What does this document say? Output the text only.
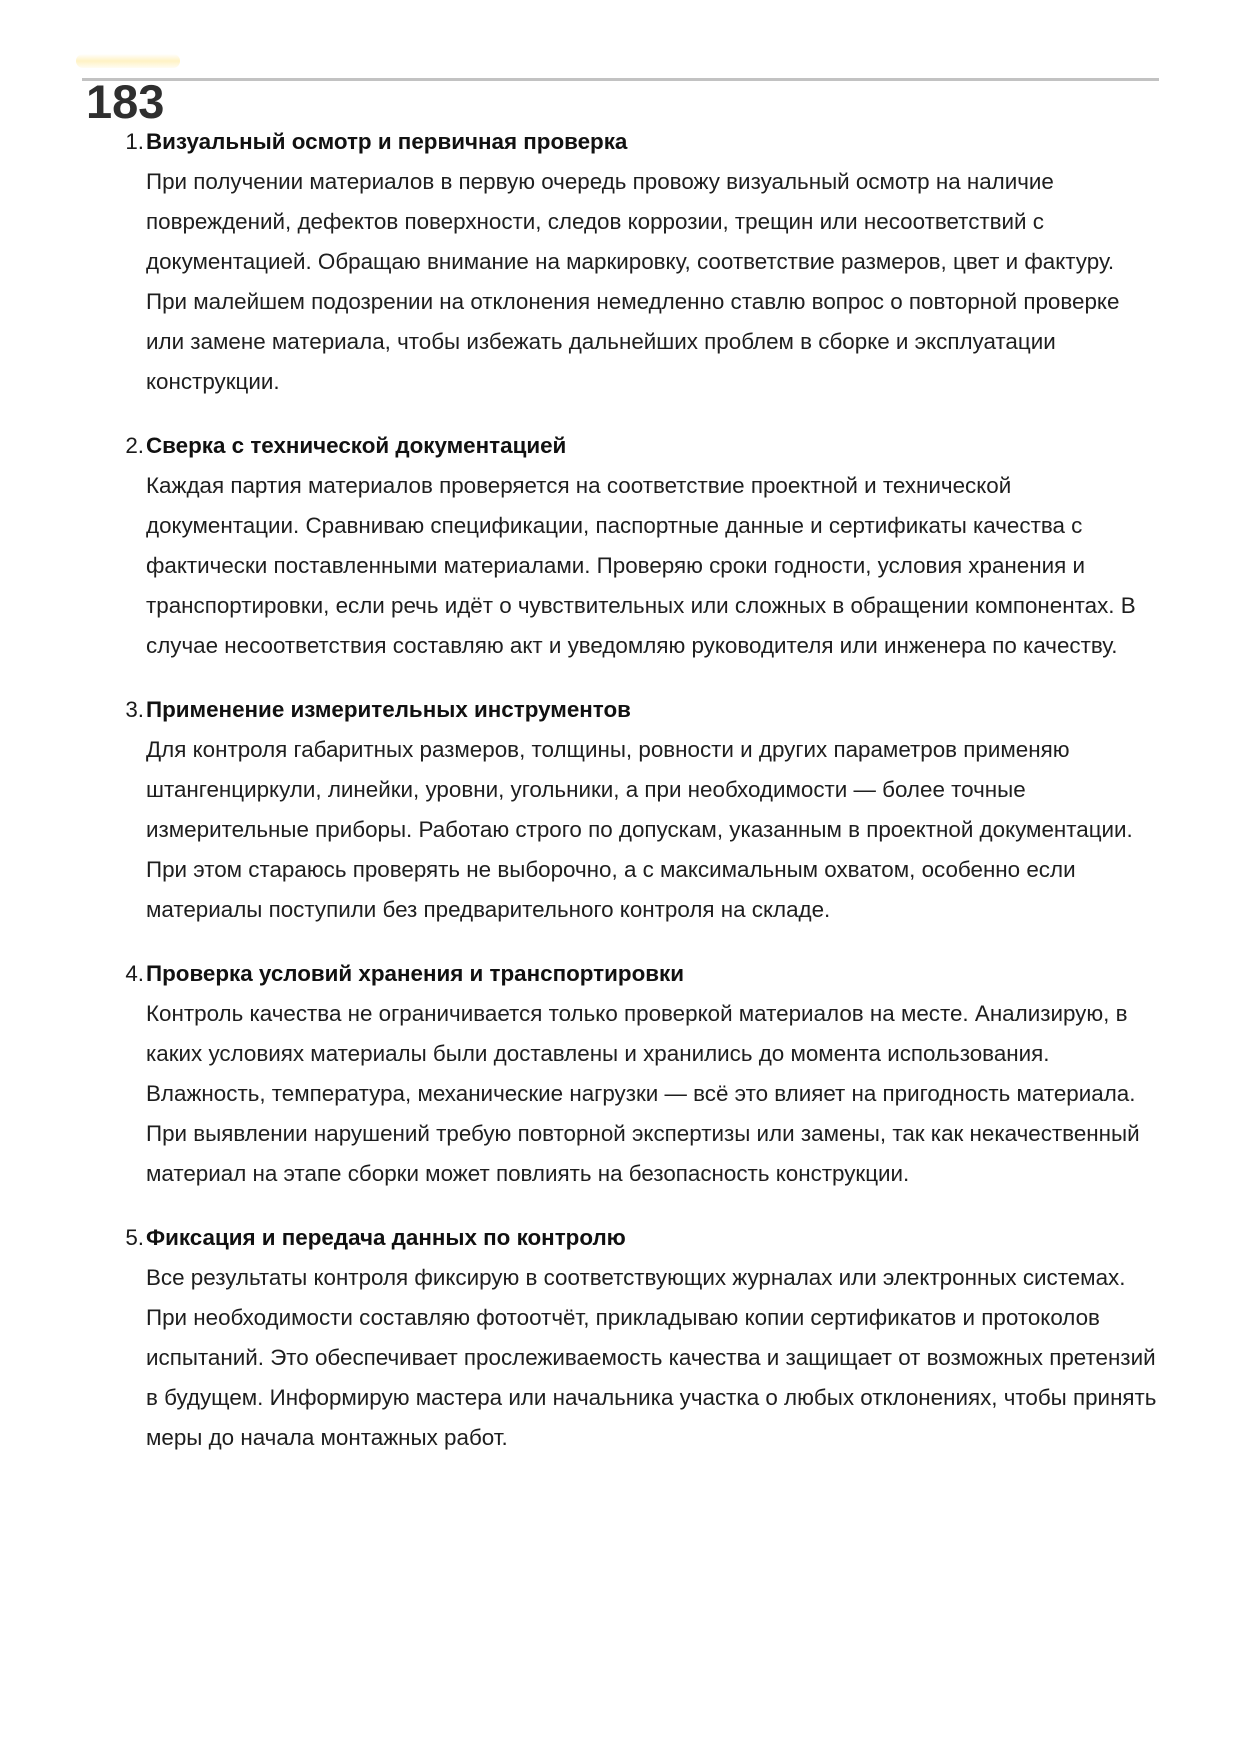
183
1. Визуальный осмотр и первичная проверка

При получении материалов в первую очередь провожу визуальный осмотр на наличие повреждений, дефектов поверхности, следов коррозии, трещин или несоответствий с документацией. Обращаю внимание на маркировку, соответствие размеров, цвет и фактуру. При малейшем подозрении на отклонения немедленно ставлю вопрос о повторной проверке или замене материала, чтобы избежать дальнейших проблем в сборке и эксплуатации конструкции.

2. Сверка с технической документацией

Каждая партия материалов проверяется на соответствие проектной и технической документации. Сравниваю спецификации, паспортные данные и сертификаты качества с фактически поставленными материалами. Проверяю сроки годности, условия хранения и транспортировки, если речь идёт о чувствительных или сложных в обращении компонентах. В случае несоответствия составляю акт и уведомляю руководителя или инженера по качеству.

3. Применение измерительных инструментов

Для контроля габаритных размеров, толщины, ровности и других параметров применяю штангенциркули, линейки, уровни, угольники, а при необходимости — более точные измерительные приборы. Работаю строго по допускам, указанным в проектной документации. При этом стараюсь проверять не выборочно, а с максимальным охватом, особенно если материалы поступили без предварительного контроля на складе.

4. Проверка условий хранения и транспортировки

Контроль качества не ограничивается только проверкой материалов на месте. Анализирую, в каких условиях материалы были доставлены и хранились до момента использования. Влажность, температура, механические нагрузки — всё это влияет на пригодность материала. При выявлении нарушений требую повторной экспертизы или замены, так как некачественный материал на этапе сборки может повлиять на безопасность конструкции.

5. Фиксация и передача данных по контролю

Все результаты контроля фиксирую в соответствующих журналах или электронных системах. При необходимости составляю фотоотчёт, прикладываю копии сертификатов и протоколов испытаний. Это обеспечивает прослеживаемость качества и защищает от возможных претензий в будущем. Информирую мастера или начальника участка о любых отклонениях, чтобы принять меры до начала монтажных работ.
